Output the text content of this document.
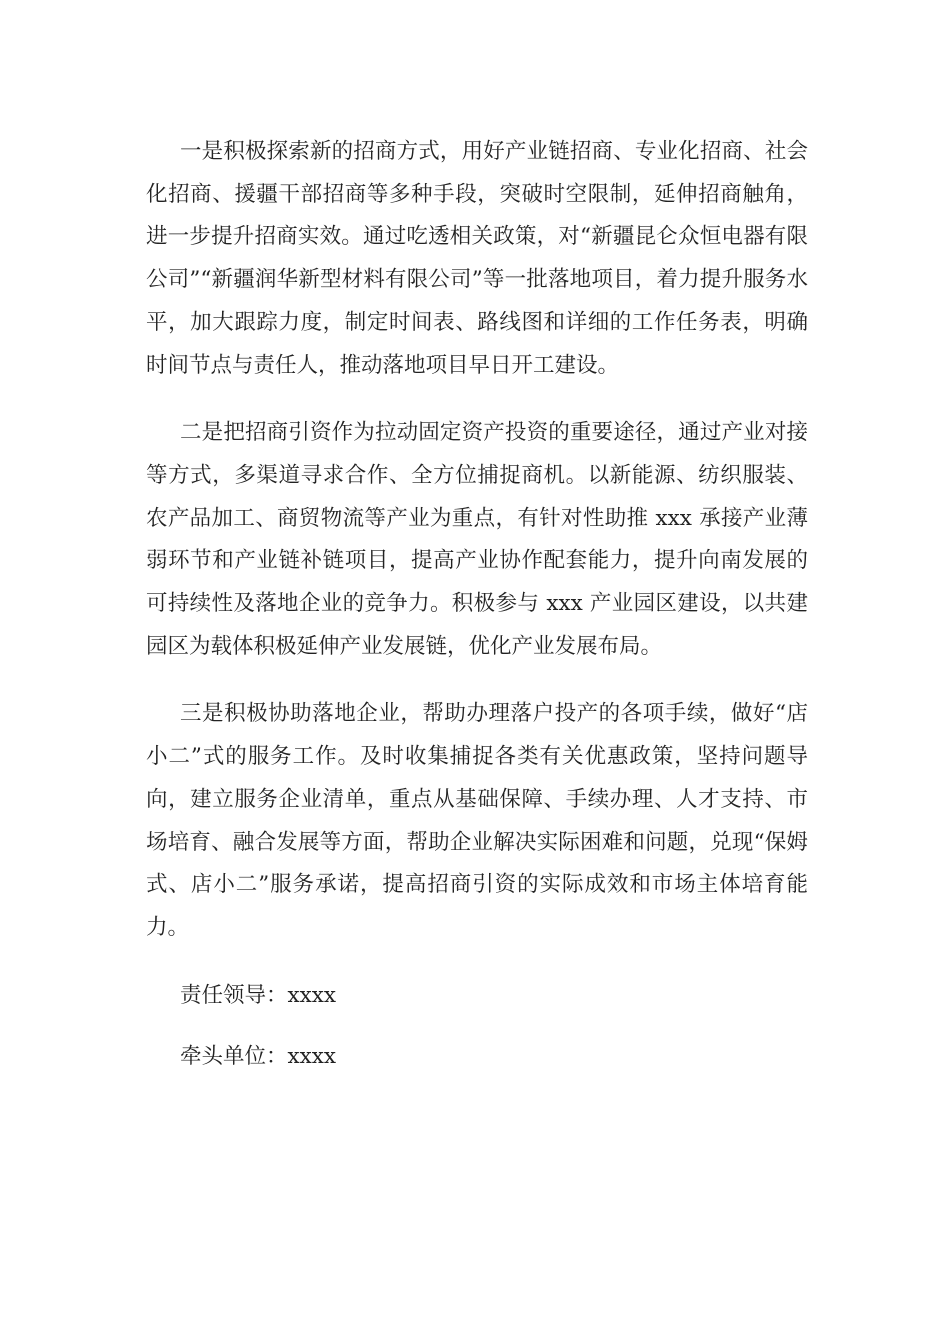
一是积极探索新的招商方式，用好产业链招商、专业化招商、社会化招商、援疆干部招商等多种手段，突破时空限制，延伸招商触角，进一步提升招商实效。通过吃透相关政策，对“新疆昆仑众恒电器有限公司”“新疆润华新型材料有限公司”等一批落地项目，着力提升服务水平，加大跟踪力度，制定时间表、路线图和详细的工作任务表，明确时间节点与责任人，推动落地项目早日开工建设。

二是把招商引资作为拉动固定资产投资的重要途径，通过产业对接等方式，多渠道寻求合作、全方位捕捉商机。以新能源、纺织服装、农产品加工、商贸物流等产业为重点，有针对性助推 xxx 承接产业薄弱环节和产业链补链项目，提高产业协作配套能力，提升向南发展的可持续性及落地企业的竞争力。积极参与 xxx 产业园区建设，以共建园区为载体积极延伸产业发展链，优化产业发展布局。

三是积极协助落地企业，帮助办理落户投产的各项手续，做好“店小二”式的服务工作。及时收集捕捉各类有关优惠政策，坚持问题导向，建立服务企业清单，重点从基础保障、手续办理、人才支持、市场培育、融合发展等方面，帮助企业解决实际困难和问题，兑现“保姆式、店小二”服务承诺，提高招商引资的实际成效和市场主体培育能力。

责任领导：xxxx

牵头单位：xxxx
